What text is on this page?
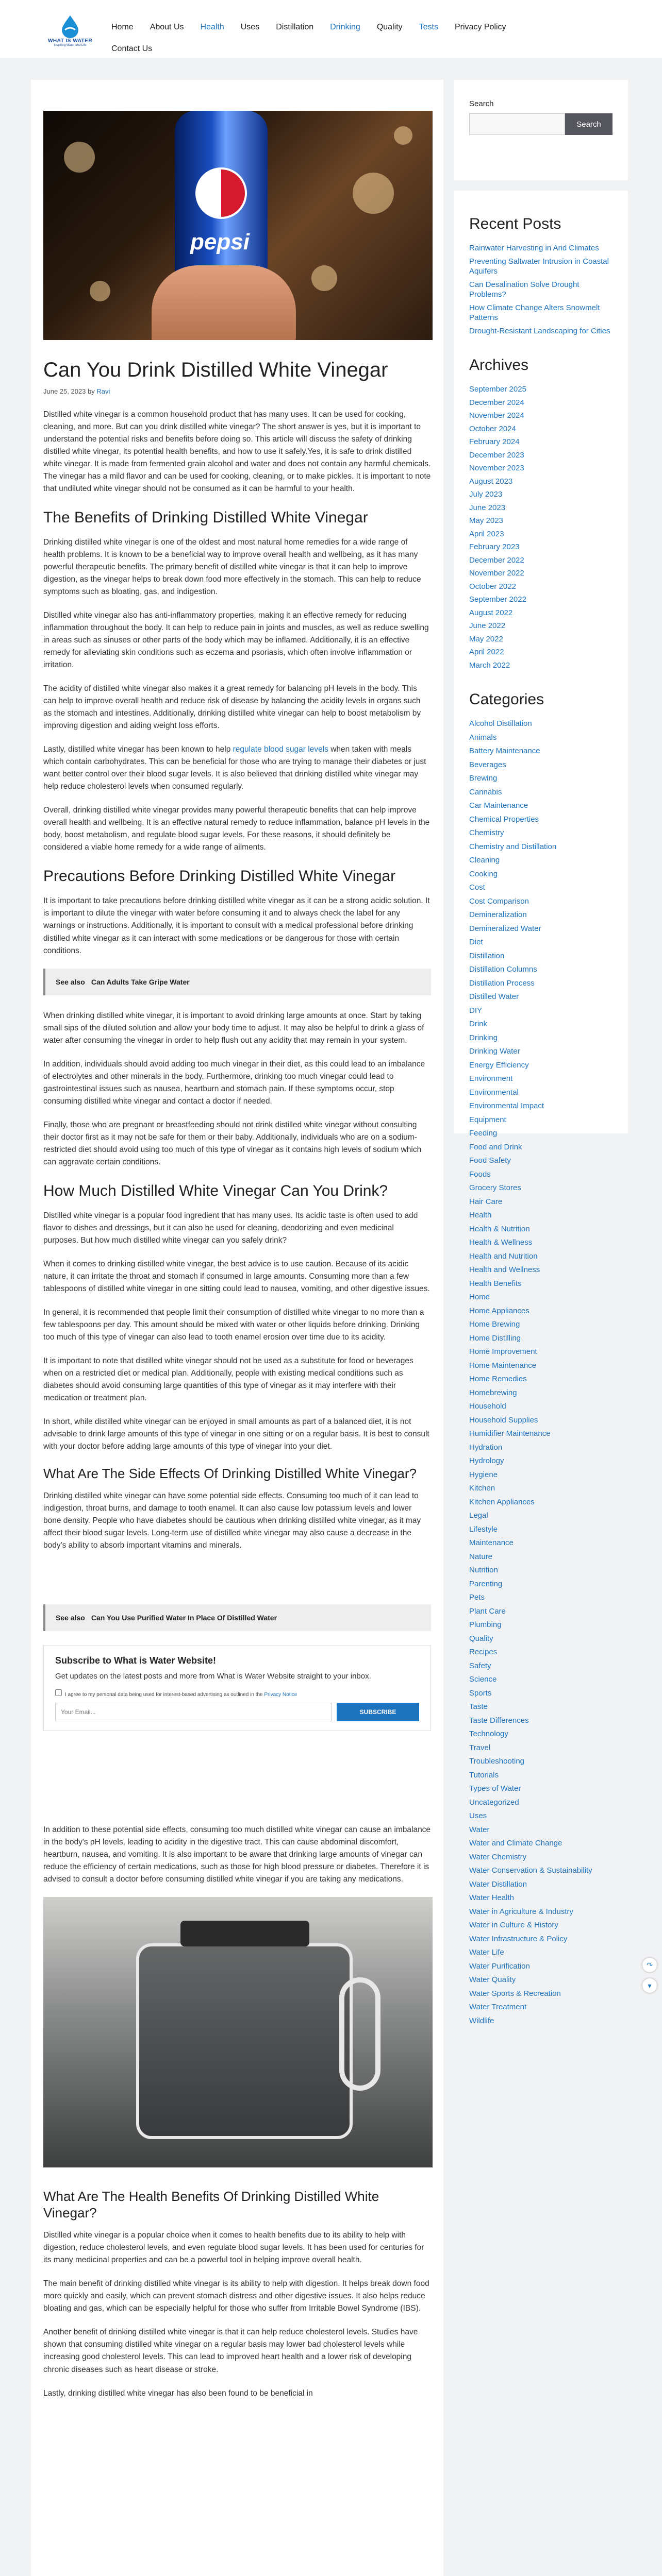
WHAT IS WATER
Inspiring Water and Life
Home About Us Health Uses Distillation Drinking Quality Tests Privacy Policy
Contact Us
pepsi
Can You Drink Distilled White Vinegar
June 25, 2023 by Ravi

Distilled white vinegar is a common household product that has many uses. It can be used for cooking, cleaning, and more. But can you drink distilled white vinegar? The short answer is yes, but it is important to understand the potential risks and benefits before doing so. This article will discuss the safety of drinking distilled white vinegar, its potential health benefits, and how to use it safely.Yes, it is safe to drink distilled white vinegar. It is made from fermented grain alcohol and water and does not contain any harmful chemicals. The vinegar has a mild flavor and can be used for cooking, cleaning, or to make pickles. It is important to note that undiluted white vinegar should not be consumed as it can be harmful to your health.

The Benefits of Drinking Distilled White Vinegar

Drinking distilled white vinegar is one of the oldest and most natural home remedies for a wide range of health problems. It is known to be a beneficial way to improve overall health and wellbeing, as it has many powerful therapeutic benefits. The primary benefit of distilled white vinegar is that it can help to improve digestion, as the vinegar helps to break down food more effectively in the stomach. This can help to reduce symptoms such as bloating, gas, and indigestion.

Distilled white vinegar also has anti-inflammatory properties, making it an effective remedy for reducing inflammation throughout the body. It can help to reduce pain in joints and muscles, as well as reduce swelling in areas such as sinuses or other parts of the body which may be inflamed. Additionally, it is an effective remedy for alleviating skin conditions such as eczema and psoriasis, which often involve inflammation or irritation.

The acidity of distilled white vinegar also makes it a great remedy for balancing pH levels in the body. This can help to improve overall health and reduce risk of disease by balancing the acidity levels in organs such as the stomach and intestines. Additionally, drinking distilled white vinegar can help to boost metabolism by improving digestion and aiding weight loss efforts.

Lastly, distilled white vinegar has been known to help regulate blood sugar levels when taken with meals which contain carbohydrates. This can be beneficial for those who are trying to manage their diabetes or just want better control over their blood sugar levels. It is also believed that drinking distilled white vinegar may help reduce cholesterol levels when consumed regularly.

Overall, drinking distilled white vinegar provides many powerful therapeutic benefits that can help improve overall health and wellbeing. It is an effective natural remedy to reduce inflammation, balance pH levels in the body, boost metabolism, and regulate blood sugar levels. For these reasons, it should definitely be considered a viable home remedy for a wide range of ailments.

Precautions Before Drinking Distilled White Vinegar

It is important to take precautions before drinking distilled white vinegar as it can be a strong acidic solution. It is important to dilute the vinegar with water before consuming it and to always check the label for any warnings or instructions. Additionally, it is important to consult with a medical professional before drinking distilled white vinegar as it can interact with some medications or be dangerous for those with certain conditions.

See also Can Adults Take Gripe Water

When drinking distilled white vinegar, it is important to avoid drinking large amounts at once. Start by taking small sips of the diluted solution and allow your body time to adjust. It may also be helpful to drink a glass of water after consuming the vinegar in order to help flush out any acidity that may remain in your system.

In addition, individuals should avoid adding too much vinegar in their diet, as this could lead to an imbalance of electrolytes and other minerals in the body. Furthermore, drinking too much vinegar could lead to gastrointestinal issues such as nausea, heartburn and stomach pain. If these symptoms occur, stop consuming distilled white vinegar and contact a doctor if needed.

Finally, those who are pregnant or breastfeeding should not drink distilled white vinegar without consulting their doctor first as it may not be safe for them or their baby. Additionally, individuals who are on a sodium-restricted diet should avoid using too much of this type of vinegar as it contains high levels of sodium which can aggravate certain conditions.

How Much Distilled White Vinegar Can You Drink?

Distilled white vinegar is a popular food ingredient that has many uses. Its acidic taste is often used to add flavor to dishes and dressings, but it can also be used for cleaning, deodorizing and even medicinal purposes. But how much distilled white vinegar can you safely drink?

When it comes to drinking distilled white vinegar, the best advice is to use caution. Because of its acidic nature, it can irritate the throat and stomach if consumed in large amounts. Consuming more than a few tablespoons of distilled white vinegar in one sitting could lead to nausea, vomiting, and other digestive issues.

In general, it is recommended that people limit their consumption of distilled white vinegar to no more than a few tablespoons per day. This amount should be mixed with water or other liquids before drinking. Drinking too much of this type of vinegar can also lead to tooth enamel erosion over time due to its acidity.

It is important to note that distilled white vinegar should not be used as a substitute for food or beverages when on a restricted diet or medical plan. Additionally, people with existing medical conditions such as diabetes should avoid consuming large quantities of this type of vinegar as it may interfere with their medication or treatment plan.

In short, while distilled white vinegar can be enjoyed in small amounts as part of a balanced diet, it is not advisable to drink large amounts of this type of vinegar in one sitting or on a regular basis. It is best to consult with your doctor before adding large amounts of this type of vinegar into your diet.

What Are The Side Effects Of Drinking Distilled White Vinegar?

Drinking distilled white vinegar can have some potential side effects. Consuming too much of it can lead to indigestion, throat burns, and damage to tooth enamel. It can also cause low potassium levels and lower bone density. People who have diabetes should be cautious when drinking distilled white vinegar, as it may affect their blood sugar levels. Long-term use of distilled white vinegar may also cause a decrease in the body's ability to absorb important vitamins and minerals.

See also Can You Use Purified Water In Place Of Distilled Water
Subscribe to What is Water Website!

Get updates on the latest posts and more from What is Water Website straight to your inbox.

I agree to my personal data being used for interest-based advertising as outlined in the Privacy Notice
Your Email...
SUBSCRIBE

In addition to these potential side effects, consuming too much distilled white vinegar can cause an imbalance in the body's pH levels, leading to acidity in the digestive tract. This can cause abdominal discomfort, heartburn, nausea, and vomiting. It is also important to be aware that drinking large amounts of vinegar can reduce the efficiency of certain medications, such as those for high blood pressure or diabetes. Therefore it is advised to consult a doctor before consuming distilled white vinegar if you are taking any medications.

What Are The Health Benefits Of Drinking Distilled White Vinegar?

Distilled white vinegar is a popular choice when it comes to health benefits due to its ability to help with digestion, reduce cholesterol levels, and even regulate blood sugar levels. It has been used for centuries for its many medicinal properties and can be a powerful tool in helping improve overall health.

The main benefit of drinking distilled white vinegar is its ability to help with digestion. It helps break down food more quickly and easily, which can prevent stomach distress and other digestive issues. It also helps reduce bloating and gas, which can be especially helpful for those who suffer from Irritable Bowel Syndrome (IBS).

Another benefit of drinking distilled white vinegar is that it can help reduce cholesterol levels. Studies have shown that consuming distilled white vinegar on a regular basis may lower bad cholesterol levels while increasing good cholesterol levels. This can lead to improved heart health and a lower risk of developing chronic diseases such as heart disease or stroke.

Lastly, drinking distilled white vinegar has also been found to be beneficial in

Search
Search
Recent Posts
Rainwater Harvesting in Arid Climates
Preventing Saltwater Intrusion in Coastal Aquifers
Can Desalination Solve Drought Problems?
How Climate Change Alters Snowmelt Patterns
Drought-Resistant Landscaping for Cities
Archives
September 2025
December 2024
November 2024
October 2024
February 2024
December 2023
November 2023
August 2023
July 2023
June 2023
May 2023
April 2023
February 2023
December 2022
November 2022
October 2022
September 2022
August 2022
June 2022
May 2022
April 2022
March 2022
Categories
Alcohol Distillation
Animals
Battery Maintenance
Beverages
Brewing
Cannabis
Car Maintenance
Chemical Properties
Chemistry
Chemistry and Distillation
Cleaning
Cooking
Cost
Cost Comparison
Demineralization
Demineralized Water
Diet
Distillation
Distillation Columns
Distillation Process
Distilled Water
DIY
Drink
Drinking
Drinking Water
Energy Efficiency
Environment
Environmental
Environmental Impact
Equipment
Feeding
Food and Drink
Food Safety
Foods
Grocery Stores
Hair Care
Health
Health & Nutrition
Health & Wellness
Health and Nutrition
Health and Wellness
Health Benefits
Home
Home Appliances
Home Brewing
Home Distilling
Home Improvement
Home Maintenance
Home Remedies
Homebrewing
Household
Household Supplies
Humidifier Maintenance
Hydration
Hydrology
Hygiene
Kitchen
Kitchen Appliances
Legal
Lifestyle
Maintenance
Nature
Nutrition
Parenting
Pets
Plant Care
Plumbing
Quality
Recipes
Safety
Science
Sports
Taste
Taste Differences
Technology
Travel
Troubleshooting
Tutorials
Types of Water
Uncategorized
Uses
Water
Water and Climate Change
Water Chemistry
Water Conservation & Sustainability
Water Distillation
Water Health
Water in Agriculture & Industry
Water in Culture & History
Water Infrastructure & Policy
Water Life
Water Purification
Water Quality
Water Sports & Recreation
Water Treatment
Wildlife
↷
▾
